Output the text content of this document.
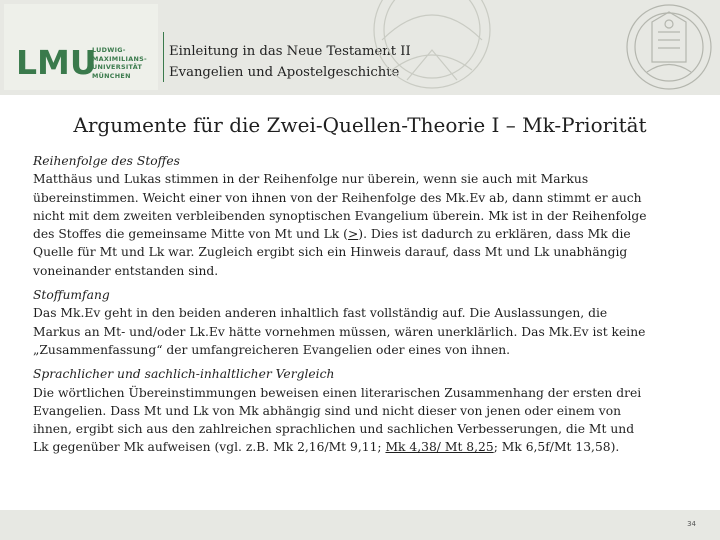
LMU
LUDWIG-
MAXIMILIANS-
UNIVERSITÄT
MÜNCHEN
Einleitung in das Neue Testament II
Evangelien und Apostelgeschichte
Argumente für die Zwei-Quellen-Theorie I – Mk-Priorität
Reihenfolge des Stoffes
Matthäus und Lukas stimmen in der Reihenfolge nur überein, wenn sie auch mit Markus
übereinstimmen. Weicht einer von ihnen von der Reihenfolge des Mk.Ev ab, dann stimmt er auch
nicht mit dem zweiten verbleibenden synoptischen Evangelium überein. Mk ist in der Reihenfolge
des Stoffes die gemeinsame Mitte von Mt und Lk (>). Dies ist dadurch zu erklären, dass Mk die
Quelle für Mt und Lk war. Zugleich ergibt sich ein Hinweis darauf, dass Mt und Lk unabhängig
voneinander entstanden sind.
Stoffumfang
Das Mk.Ev geht in den beiden anderen inhaltlich fast vollständig auf. Die Auslassungen, die
Markus an Mt- und/oder Lk.Ev hätte vornehmen müssen, wären unerklärlich. Das Mk.Ev ist keine
„Zusammenfassung“ der umfangreicheren Evangelien oder eines von ihnen.
Sprachlicher und sachlich-inhaltlicher Vergleich
Die wörtlichen Übereinstimmungen beweisen einen literarischen Zusammenhang der ersten drei
Evangelien. Dass Mt und Lk von Mk abhängig sind und nicht dieser von jenen oder einem von
ihnen, ergibt sich aus den zahlreichen sprachlichen und sachlichen Verbesserungen, die Mt und
Lk gegenüber Mk aufweisen (vgl. z.B. Mk 2,16/Mt 9,11; Mk 4,38/ Mt 8,25; Mk 6,5f/Mt 13,58).
34
